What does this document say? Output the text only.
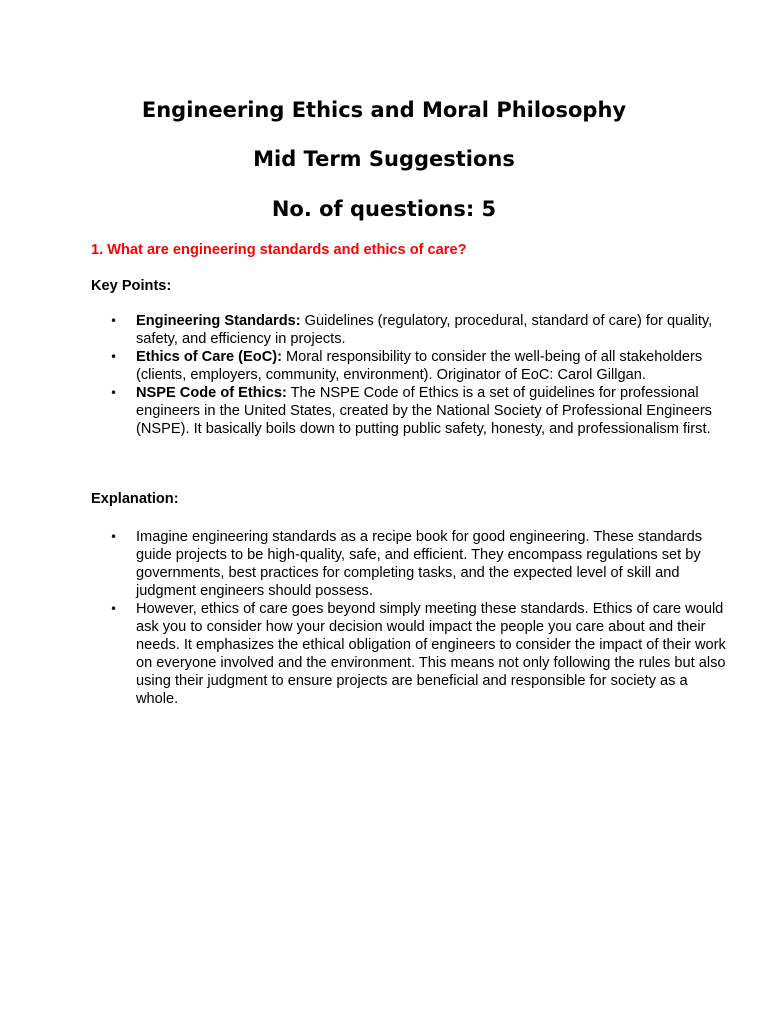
Engineering Ethics and Moral Philosophy
Mid Term Suggestions
No. of questions: 5

1. What are engineering standards and ethics of care?

Key Points:

• Engineering Standards: Guidelines (regulatory, procedural, standard of care) for quality, safety, and efficiency in projects.
• Ethics of Care (EoC): Moral responsibility to consider the well-being of all stakeholders (clients, employers, community, environment). Originator of EoC: Carol Gillgan.
• NSPE Code of Ethics: The NSPE Code of Ethics is a set of guidelines for professional engineers in the United States, created by the National Society of Professional Engineers (NSPE). It basically boils down to putting public safety, honesty, and professionalism first.

Explanation:

• Imagine engineering standards as a recipe book for good engineering. These standards guide projects to be high-quality, safe, and efficient. They encompass regulations set by governments, best practices for completing tasks, and the expected level of skill and judgment engineers should possess.
• However, ethics of care goes beyond simply meeting these standards. Ethics of care would ask you to consider how your decision would impact the people you care about and their needs. It emphasizes the ethical obligation of engineers to consider the impact of their work on everyone involved and the environment. This means not only following the rules but also using their judgment to ensure projects are beneficial and responsible for society as a whole.
